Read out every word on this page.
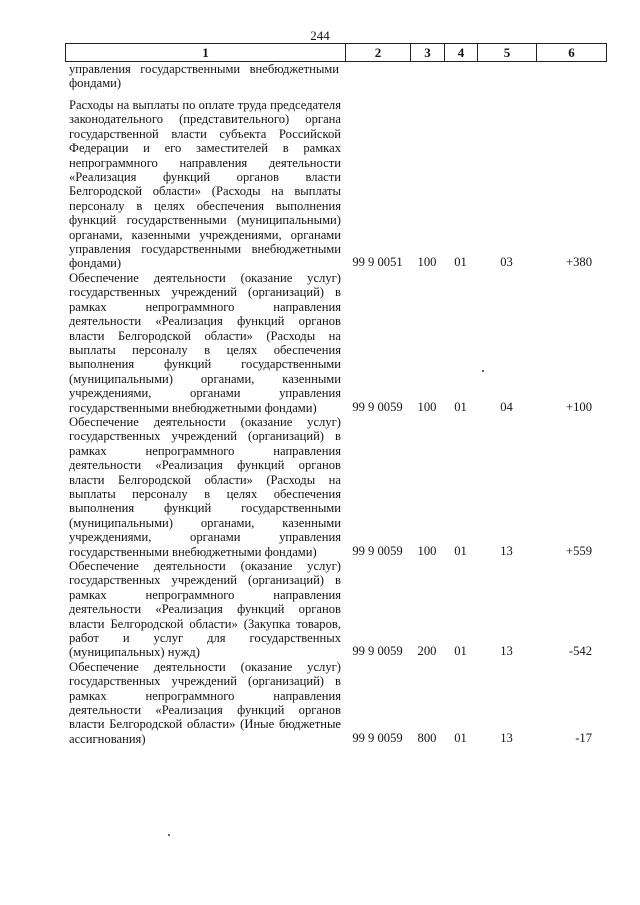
244
1	2	3	4	5	6

управления государственными внебюджетными фондами)

Расходы на выплаты по оплате труда председателя законодательного (представительного) органа государственной власти субъекта Российской Федерации и его заместителей в рамках непрограммного направления деятельности «Реализация функций органов власти Белгородской области» (Расходы на выплаты персоналу в целях обеспечения выполнения функций государственными (муниципальными) органами, казенными учреждениями, органами управления государственными внебюджетными фондами)	99 9 0051	100	01	03	+380
Обеспечение деятельности (оказание услуг) государственных учреждений (организаций) в рамках непрограммного направления деятельности «Реализация функций органов власти Белгородской области» (Расходы на выплаты персоналу в целях обеспечения выполнения функций государственными (муниципальными) органами, казенными учреждениями, органами управления государственными внебюджетными фондами)	99 9 0059	100	01	04	+100
Обеспечение деятельности (оказание услуг) государственных учреждений (организаций) в рамках непрограммного направления деятельности «Реализация функций органов власти Белгородской области» (Расходы на выплаты персоналу в целях обеспечения выполнения функций государственными (муниципальными) органами, казенными учреждениями, органами управления государственными внебюджетными фондами)	99 9 0059	100	01	13	+559
Обеспечение деятельности (оказание услуг) государственных учреждений (организаций) в рамках непрограммного направления деятельности «Реализация функций органов власти Белгородской области» (Закупка товаров, работ и услуг для государственных (муниципальных) нужд)	99 9 0059	200	01	13	-542
Обеспечение деятельности (оказание услуг) государственных учреждений (организаций) в рамках непрограммного направления деятельности «Реализация функций органов власти Белгородской области» (Иные бюджетные ассигнования)	99 9 0059	800	01	13	-17
